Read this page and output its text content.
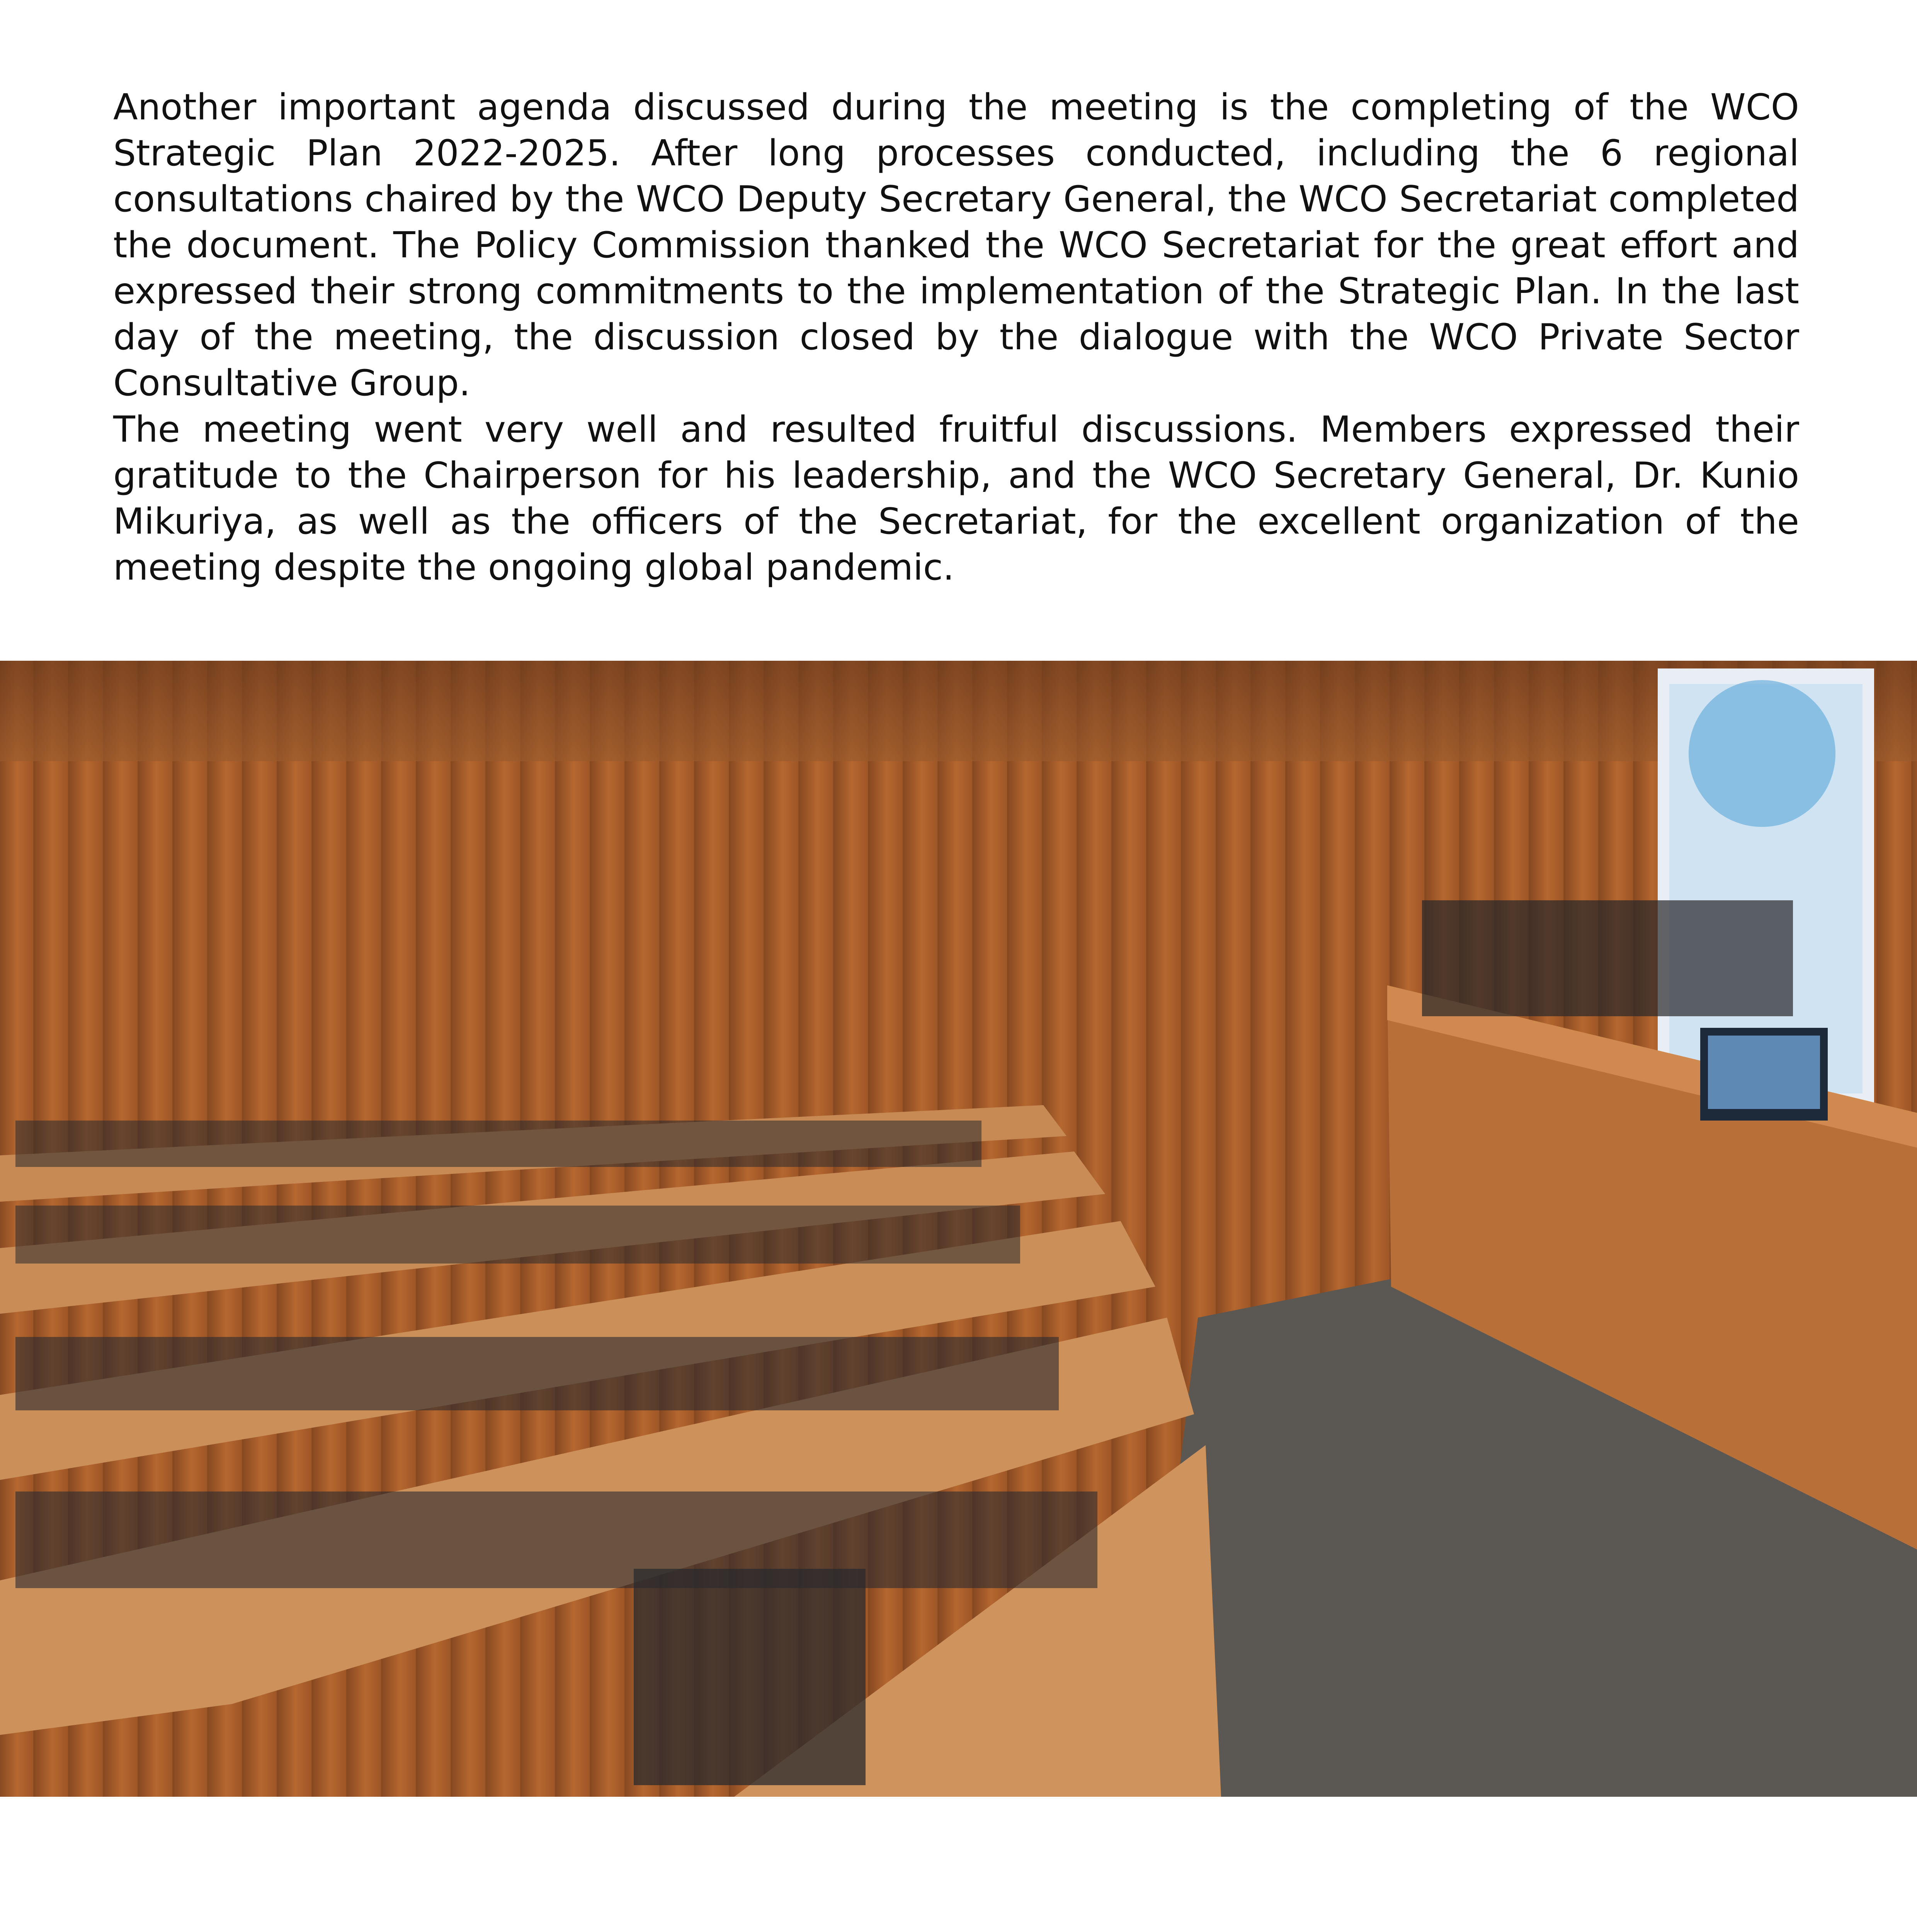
Another important agenda discussed during the meeting is the completing of the WCO Strategic Plan 2022-2025. After long processes conducted, including the 6 regional consultations chaired by the WCO Deputy Secretary General, the WCO Secretariat completed the document. The Policy Commission thanked the WCO Secretariat for the great effort and expressed their strong commitments to the implementation of the Strategic Plan. In the last day of the meeting, the discussion closed by the dialogue with the WCO Private Sector Consultative Group.

The meeting went very well and resulted fruitful discussions. Members expressed their gratitude to the Chairperson for his leadership, and the WCO Secretary General, Dr. Kunio Mikuriya, as well as the officers of the Secretariat, for the excellent organization of the meeting despite the ongoing global pandemic.
